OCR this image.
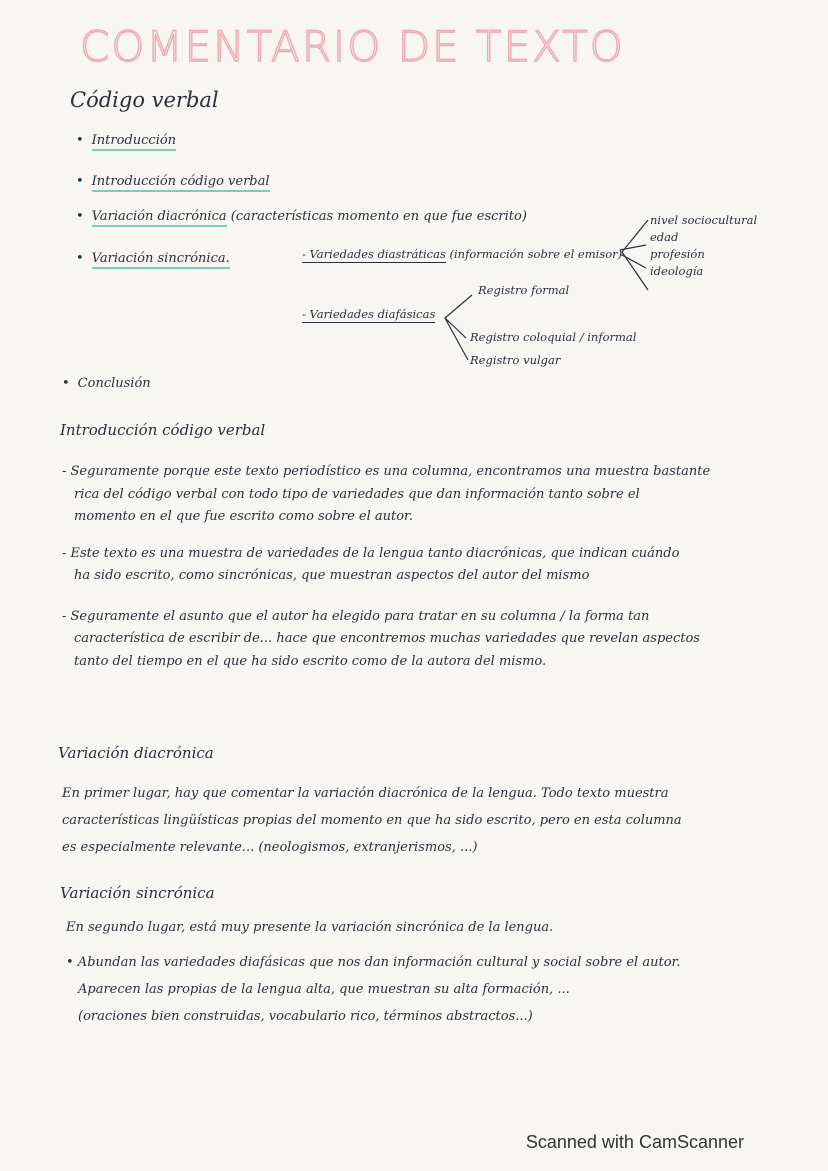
COMENTARIO DE TEXTO
Código verbal
• Introducción
• Introducción código verbal
• Variación diacrónica (características momento en que fue escrito)
• Variación sincrónica.	- Variedades diastráticas (información sobre el emisor)
nivel sociocultural
edad
profesión
ideología
- Variedades diafásicas
Registro formal
Registro coloquial / informal
Registro vulgar
• Conclusión
Introducción código verbal
- Seguramente porque este texto periodístico es una columna, encontramos una muestra bastante
rica del código verbal con todo tipo de variedades que dan información tanto sobre el
momento en el que fue escrito como sobre el autor.
- Este texto es una muestra de variedades de la lengua tanto diacrónicas, que indican cuándo
ha sido escrito, como sincrónicas, que muestran aspectos del autor del mismo
- Seguramente el asunto que el autor ha elegido para tratar en su columna / la forma tan
característica de escribir de... hace que encontremos muchas variedades que revelan aspectos
tanto del tiempo en el que ha sido escrito como de la autora del mismo.
Variación diacrónica
En primer lugar, hay que comentar la variación diacrónica de la lengua. Todo texto muestra
características lingüísticas propias del momento en que ha sido escrito, pero en esta columna
es especialmente relevante... (neologismos, extranjerismos, ...)
Variación sincrónica
En segundo lugar, está muy presente la variación sincrónica de la lengua.
• Abundan las variedades diafásicas que nos dan información cultural y social sobre el autor.
Aparecen las propias de la lengua alta, que muestran su alta formación, ...
(oraciones bien construidas, vocabulario rico, términos abstractos...)
Scanned with CamScanner
